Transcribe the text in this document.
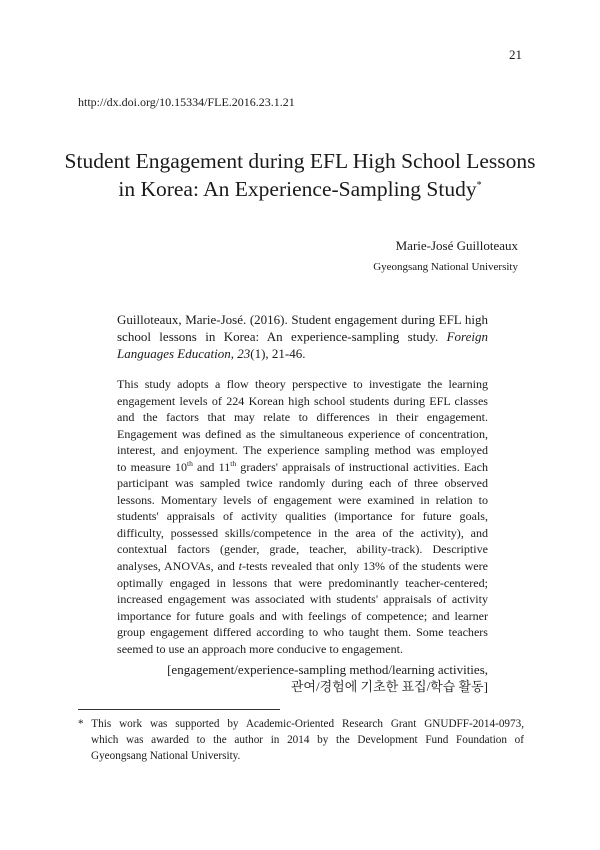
21
http://dx.doi.org/10.15334/FLE.2016.23.1.21
Student Engagement during EFL High School Lessons
in Korea: An Experience-Sampling Study*
Marie-José Guilloteaux
Gyeongsang National University
Guilloteaux, Marie-José. (2016). Student engagement during EFL high school lessons in Korea: An experience-sampling study. Foreign Languages Education, 23(1), 21-46.
This study adopts a flow theory perspective to investigate the learning
engagement levels of 224 Korean high school students during EFL classes
and the factors that may relate to differences in their engagement.
Engagement was defined as the simultaneous experience of concentration,
interest, and enjoyment. The experience sampling method was employed
to measure 10th and 11th graders' appraisals of instructional activities. Each
participant was sampled twice randomly during each of three observed
lessons. Momentary levels of engagement were examined in relation to
students' appraisals of activity qualities (importance for future goals,
difficulty, possessed skills/competence in the area of the activity), and
contextual factors (gender, grade, teacher, ability-track). Descriptive
analyses, ANOVAs, and t-tests revealed that only 13% of the students were
optimally engaged in lessons that were predominantly teacher-centered;
increased engagement was associated with students' appraisals of activity
importance for future goals and with feelings of competence; and learner
group engagement differed according to who taught them. Some teachers
seemed to use an approach more conducive to engagement.
[engagement/experience-sampling method/learning activities,
관여/경험에 기초한 표집/학습 활동]
* This work was supported by Academic-Oriented Research Grant GNUDFF-2014-0973,
which was awarded to the author in 2014 by the Development Fund Foundation of
Gyeongsang National University.
